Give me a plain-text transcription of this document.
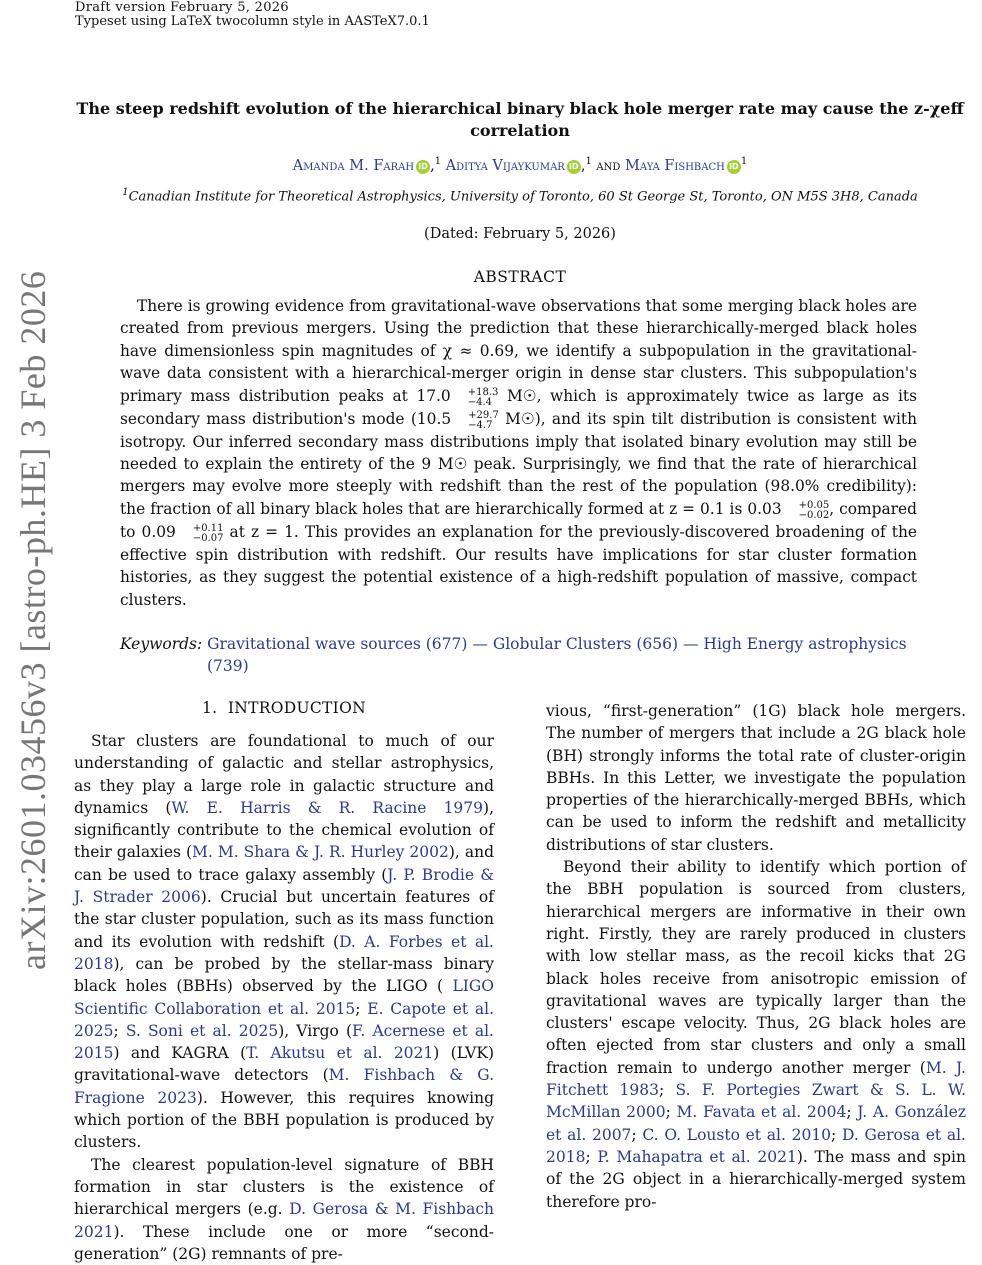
Draft version February 5, 2026
Typeset using LaTeX twocolumn style in AASTeX7.0.1
arXiv:2601.03456v3 [astro-ph.HE] 3 Feb 2026
The steep redshift evolution of the hierarchical binary black hole merger rate may cause the z-χeff correlation
Amanda M. Farah iD ,$^1$ Aditya Vijaykumar iD ,$^1$ and Maya Fishbach iD $^1$
$^1$Canadian Institute for Theoretical Astrophysics, University of Toronto, 60 St George St, Toronto, ON M5S 3H8, Canada
(Dated: February 5, 2026)
ABSTRACT
There is growing evidence from gravitational-wave observations that some merging black holes are created from previous mergers. Using the prediction that these hierarchically-merged black holes have dimensionless spin magnitudes of χ ≈ 0.69, we identify a subpopulation in the gravitational-wave data consistent with a hierarchical-merger origin in dense star clusters. This subpopulation's primary mass distribution peaks at 17.0	+18.3
−4.4 M☉, which is approximately twice as large as its secondary mass distribution's mode (10.5	+29.7
−4.7 M☉), and its spin tilt distribution is consistent with isotropy. Our inferred secondary mass distributions imply that isolated binary evolution may still be needed to explain the entirety of the 9 M☉ peak. Surprisingly, we find that the rate of hierarchical mergers may evolve more steeply with redshift than the rest of the population (98.0% credibility): the fraction of all binary black holes that are hierarchically formed at z = 0.1 is 0.03	+0.05
−0.02 , compared to 0.09	+0.11
−0.07 at z = 1. This provides an explanation for the previously-discovered broadening of the effective spin distribution with redshift. Our results have implications for star cluster formation histories, as they suggest the potential existence of a high-redshift population of massive, compact clusters.
Keywords: Gravitational wave sources (677) — Globular Clusters (656) — High Energy astrophysics (739)
1. INTRODUCTION

Star clusters are foundational to much of our understanding of galactic and stellar astrophysics, as they play a large role in galactic structure and dynamics (W. E. Harris & R. Racine 1979), significantly contribute to the chemical evolution of their galaxies (M. M. Shara & J. R. Hurley 2002), and can be used to trace galaxy assembly (J. P. Brodie & J. Strader 2006). Crucial but uncertain features of the star cluster population, such as its mass function and its evolution with redshift (D. A. Forbes et al. 2018), can be probed by the stellar-mass binary black holes (BBHs) observed by the LIGO ( LIGO Scientific Collaboration et al. 2015; E. Capote et al. 2025; S. Soni et al. 2025), Virgo (F. Acernese et al. 2015) and KAGRA (T. Akutsu et al. 2021) (LVK) gravitational-wave detectors (M. Fishbach & G. Fragione 2023). However, this requires knowing which portion of the BBH population is produced by clusters.

The clearest population-level signature of BBH formation in star clusters is the existence of hierarchical mergers (e.g. D. Gerosa & M. Fishbach 2021). These include one or more “second-generation” (2G) remnants of pre-

vious, “first-generation” (1G) black hole mergers. The number of mergers that include a 2G black hole (BH) strongly informs the total rate of cluster-origin BBHs. In this Letter, we investigate the population properties of the hierarchically-merged BBHs, which can be used to inform the redshift and metallicity distributions of star clusters.

Beyond their ability to identify which portion of the BBH population is sourced from clusters, hierarchical mergers are informative in their own right. Firstly, they are rarely produced in clusters with low stellar mass, as the recoil kicks that 2G black holes receive from anisotropic emission of gravitational waves are typically larger than the clusters' escape velocity. Thus, 2G black holes are often ejected from star clusters and only a small fraction remain to undergo another merger (M. J. Fitchett 1983; S. F. Portegies Zwart & S. L. W. McMillan 2000; M. Favata et al. 2004; J. A. González et al. 2007; C. O. Lousto et al. 2010; D. Gerosa et al. 2018; P. Mahapatra et al. 2021). The mass and spin of the 2G object in a hierarchically-merged system therefore pro-
